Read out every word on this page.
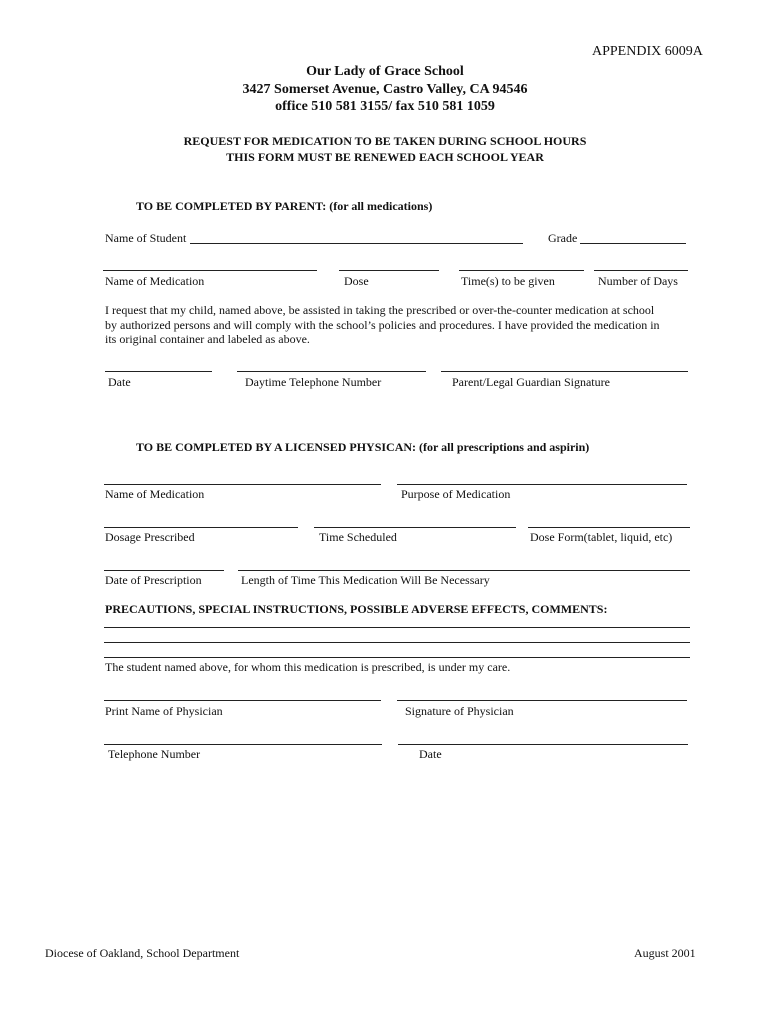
APPENDIX 6009A
Our Lady of Grace School
3427 Somerset Avenue, Castro Valley, CA 94546
office 510 581 3155/ fax 510 581 1059
REQUEST FOR MEDICATION TO BE TAKEN DURING SCHOOL HOURS
THIS FORM MUST BE RENEWED EACH SCHOOL YEAR
TO BE COMPLETED BY PARENT: (for all medications)
Name of Student	Grade
Name of Medication	Dose	Time(s) to be given	Number of Days
I request that my child, named above, be assisted in taking the prescribed or over-the-counter medication at school
by authorized persons and will comply with the school’s policies and procedures. I have provided the medication in
its original container and labeled as above.
Date	Daytime Telephone Number	Parent/Legal Guardian Signature
TO BE COMPLETED BY A LICENSED PHYSICAN: (for all prescriptions and aspirin)
Name of Medication	Purpose of Medication
Dosage Prescribed	Time Scheduled	Dose Form(tablet, liquid, etc)
Date of Prescription	Length of Time This Medication Will Be Necessary
PRECAUTIONS, SPECIAL INSTRUCTIONS, POSSIBLE ADVERSE EFFECTS, COMMENTS:
The student named above, for whom this medication is prescribed, is under my care.
Print Name of Physician	Signature of Physician
Telephone Number	Date
Diocese of Oakland, School Department	August 2001
